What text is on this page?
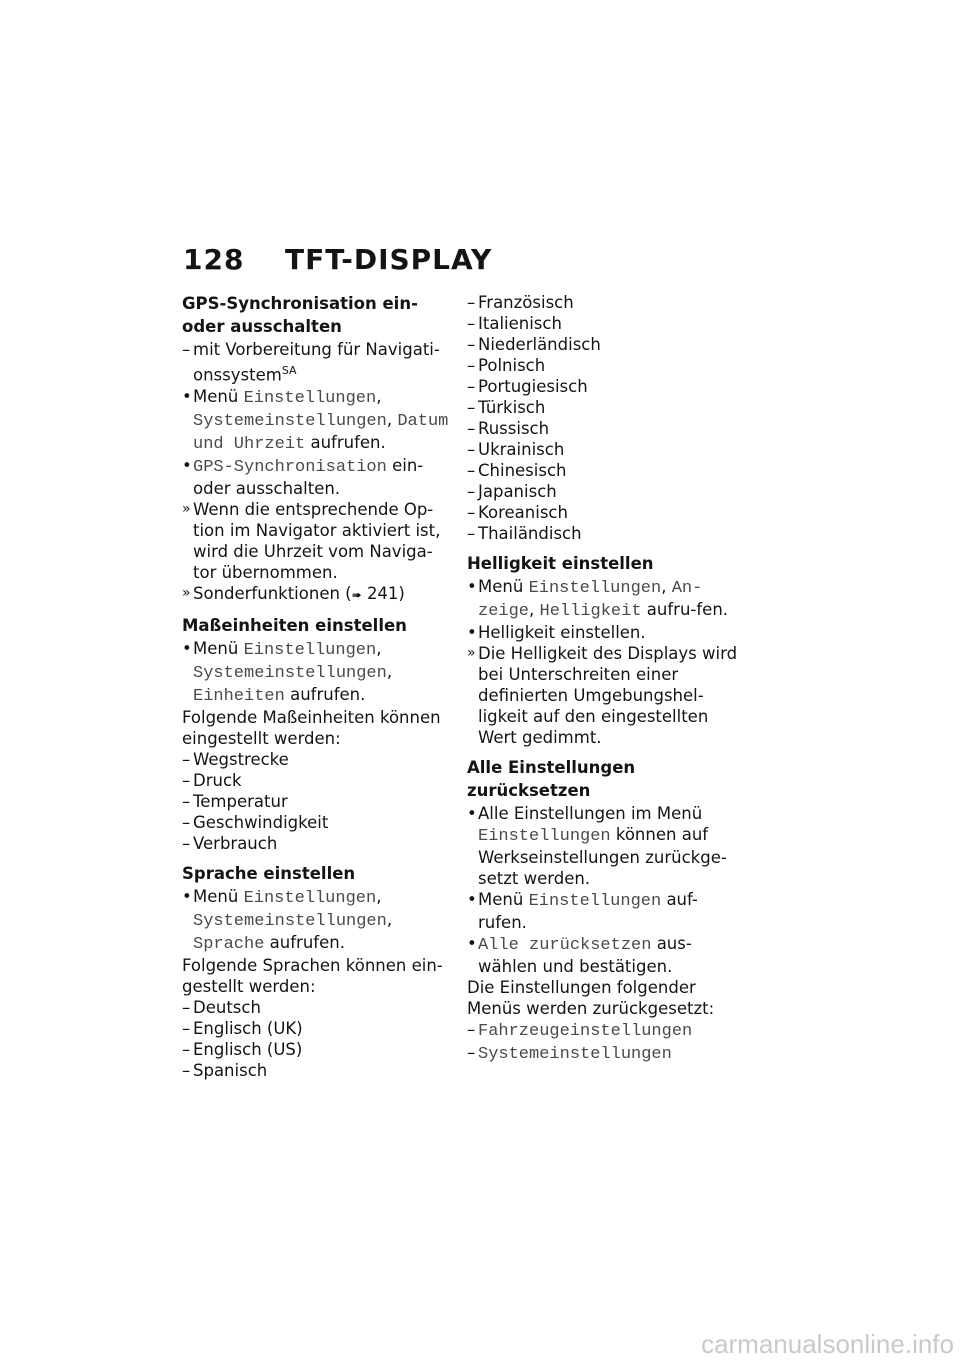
128 TFT-DISPLAY
GPS-Synchronisation ein- oder ausschalten
– mit Vorbereitung für Navigati-onssystem$^{SA}$
• Menü Einstellungen, Systemeinstellungen, Datum und Uhrzeit aufrufen.
• GPS-Synchronisation ein- oder ausschalten.
» Wenn die entsprechende Op-tion im Navigator aktiviert ist, wird die Uhrzeit vom Naviga-tor übernommen.
» Sonderfunktionen (➠ 241)
Maßeinheiten einstellen
• Menü Einstellungen, Systemeinstellungen, Einheiten aufrufen.
Folgende Maßeinheiten können eingestellt werden:
– Wegstrecke
– Druck
– Temperatur
– Geschwindigkeit
– Verbrauch
Sprache einstellen
• Menü Einstellungen, Systemeinstellungen, Sprache aufrufen.
Folgende Sprachen können ein-gestellt werden:
– Deutsch
– Englisch (UK)
– Englisch (US)
– Spanisch
– Französisch
– Italienisch
– Niederländisch
– Polnisch
– Portugiesisch
– Türkisch
– Russisch
– Ukrainisch
– Chinesisch
– Japanisch
– Koreanisch
– Thailändisch
Helligkeit einstellen
• Menü Einstellungen, An-zeige, Helligkeit aufru-fen.
• Helligkeit einstellen.
» Die Helligkeit des Displays wird bei Unterschreiten einer definierten Umgebungshel-ligkeit auf den eingestellten Wert gedimmt.
Alle Einstellungen zurücksetzen
• Alle Einstellungen im Menü Einstellungen können auf Werkseinstellungen zurückge-setzt werden.
• Menü Einstellungen auf-rufen.
• Alle zurücksetzen aus-wählen und bestätigen.
Die Einstellungen folgender Menüs werden zurückgesetzt:
– Fahrzeugeinstellungen
– Systemeinstellungen
carmanualsonline.info
